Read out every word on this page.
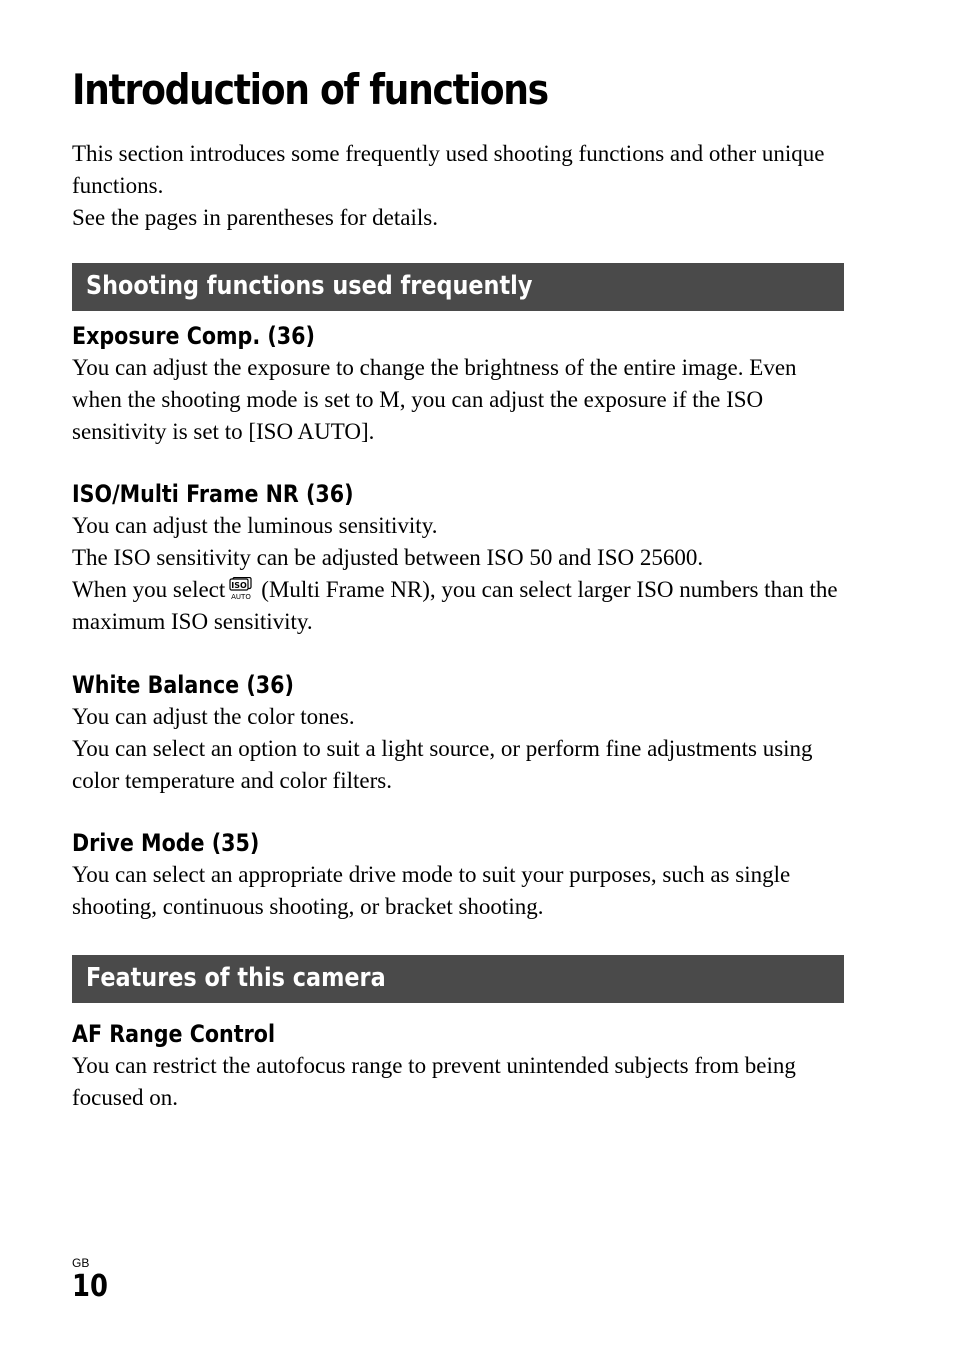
Introduction of functions

This section introduces some frequently used shooting functions and other unique functions.

See the pages in parentheses for details.

Shooting functions used frequently
Exposure Comp. (36)

You can adjust the exposure to change the brightness of the entire image. Even when the shooting mode is set to M, you can adjust the exposure if the ISO sensitivity is set to [ISO AUTO].

ISO/Multi Frame NR (36)

You can adjust the luminous sensitivity.

The ISO sensitivity can be adjusted between ISO 50 and ISO 25600.

When you select ISO
AUTO (Multi Frame NR), you can select larger ISO numbers than the maximum ISO sensitivity.

White Balance (36)

You can adjust the color tones.

You can select an option to suit a light source, or perform fine adjustments using color temperature and color filters.

Drive Mode (35)

You can select an appropriate drive mode to suit your purposes, such as single shooting, continuous shooting, or bracket shooting.

Features of this camera
AF Range Control

You can restrict the autofocus range to prevent unintended subjects from being focused on.

GB
10
